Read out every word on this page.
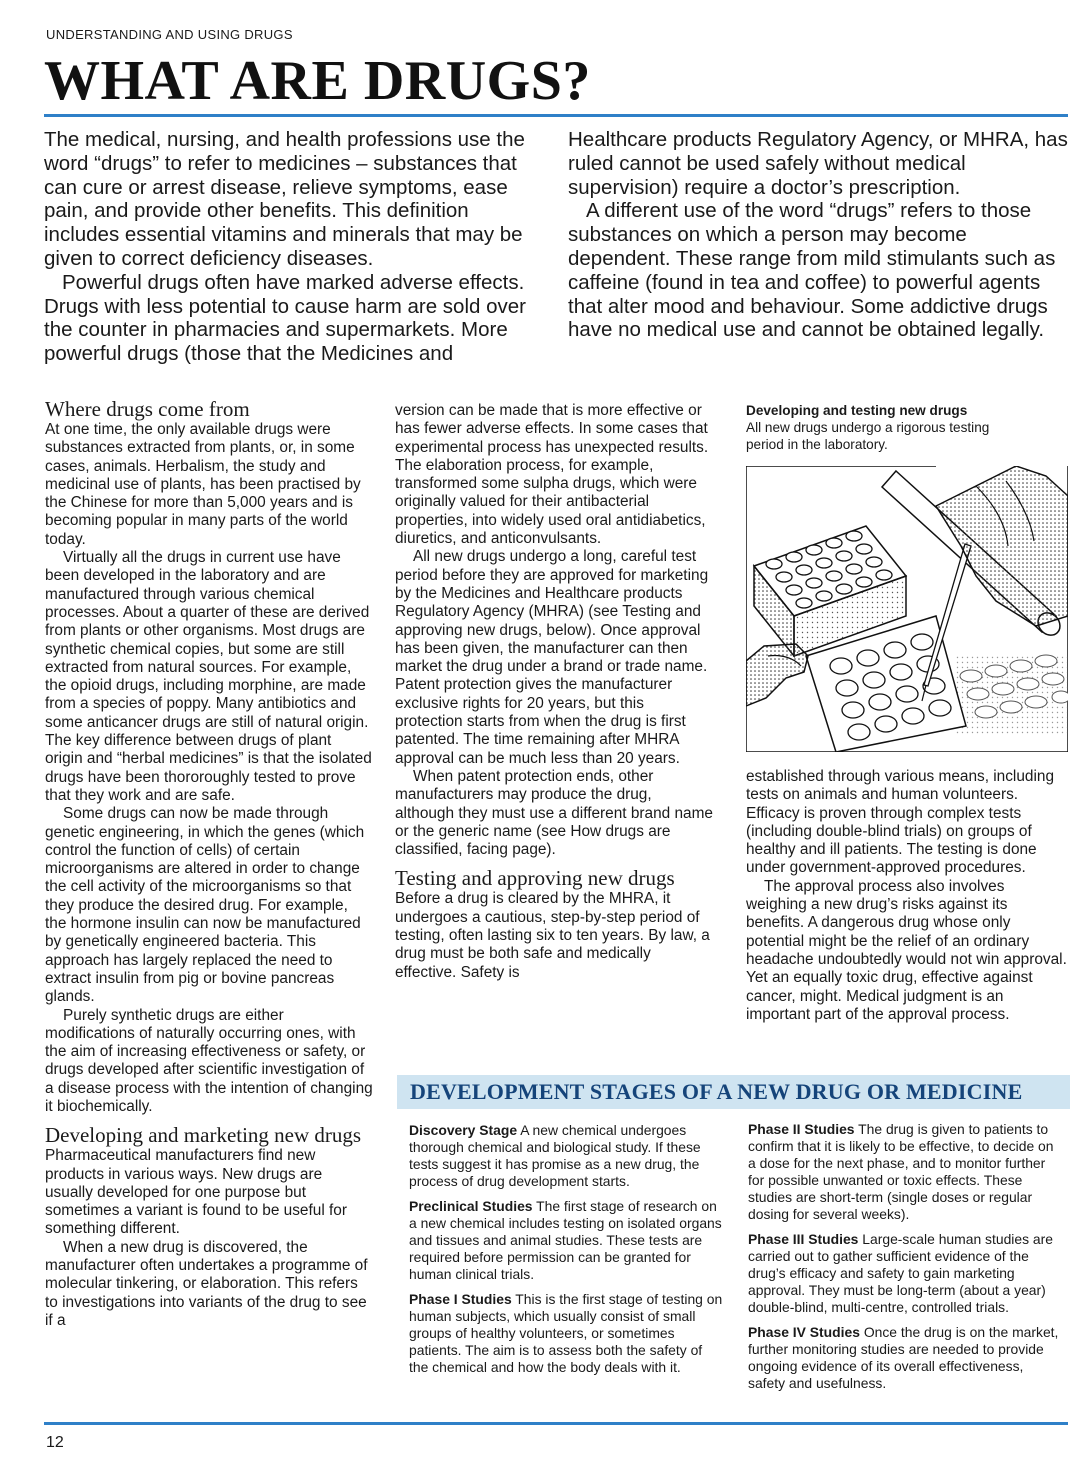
UNDERSTANDING AND USING DRUGS
WHAT ARE DRUGS?

The medical, nursing, and health professions use the word “drugs” to refer to medicines – substances that can cure or arrest disease, relieve symptoms, ease pain, and provide other benefits. This definition includes essential vitamins and minerals that may be given to correct deficiency diseases.

Powerful drugs often have marked adverse effects. Drugs with less potential to cause harm are sold over the counter in pharmacies and supermarkets. More powerful drugs (those that the Medicines and

Healthcare products Regulatory Agency, or MHRA, has ruled cannot be used safely without medical supervision) require a doctor’s prescription.

A different use of the word “drugs” refers to those substances on which a person may become dependent. These range from mild stimulants such as caffeine (found in tea and coffee) to powerful agents that alter mood and behaviour. Some addictive drugs have no medical use and cannot be obtained legally.

Where drugs come from

At one time, the only available drugs were substances extracted from plants, or, in some cases, animals. Herbalism, the study and medicinal use of plants, has been practised by the Chinese for more than 5,000 years and is becoming popular in many parts of the world today.

Virtually all the drugs in current use have been developed in the laboratory and are manufactured through various chemical processes. About a quarter of these are derived from plants or other organisms. Most drugs are synthetic chemical copies, but some are still extracted from natural sources. For example, the opioid drugs, including morphine, are made from a species of poppy. Many antibiotics and some anticancer drugs are still of natural origin. The key difference between drugs of plant origin and “herbal medicines” is that the isolated drugs have been thororoughly tested to prove that they work and are safe.

Some drugs can now be made through genetic engineering, in which the genes (which control the function of cells) of certain microorganisms are altered in order to change the cell activity of the microorganisms so that they produce the desired drug. For example, the hormone insulin can now be manufactured by genetically engineered bacteria. This approach has largely replaced the need to extract insulin from pig or bovine pancreas glands.

Purely synthetic drugs are either modifications of naturally occurring ones, with the aim of increasing effectiveness or safety, or drugs developed after scientific investigation of a disease process with the intention of changing it biochemically.

Developing and marketing new drugs

Pharmaceutical manufacturers find new products in various ways. New drugs are usually developed for one purpose but sometimes a variant is found to be useful for something different.

When a new drug is discovered, the manufacturer often undertakes a programme of molecular tinkering, or elaboration. This refers to investigations into variants of the drug to see if a

version can be made that is more effective or has fewer adverse effects. In some cases that experimental process has unexpected results. The elaboration process, for example, transformed some sulpha drugs, which were originally valued for their antibacterial properties, into widely used oral antidiabetics, diuretics, and anticonvulsants.

All new drugs undergo a long, careful test period before they are approved for marketing by the Medicines and Healthcare products Regulatory Agency (MHRA) (see Testing and approving new drugs, below). Once approval has been given, the manufacturer can then market the drug under a brand or trade name. Patent protection gives the manufacturer exclusive rights for 20 years, but this protection starts from when the drug is first patented. The time remaining after MHRA approval can be much less than 20 years.

When patent protection ends, other manufacturers may produce the drug, although they must use a different brand name or the generic name (see How drugs are classified, facing page).

Testing and approving new drugs

Before a drug is cleared by the MHRA, it undergoes a cautious, step-by-step period of testing, often lasting six to ten years. By law, a drug must be both safe and medically effective. Safety is

Developing and testing new drugs
All new drugs undergo a rigorous testing period in the laboratory.

established through various means, including tests on animals and human volunteers. Efficacy is proven through complex tests (including double-blind trials) on groups of healthy and ill patients. The testing is done under government-approved procedures.

The approval process also involves weighing a new drug’s risks against its benefits. A dangerous drug whose only potential might be the relief of an ordinary headache undoubtedly would not win approval. Yet an equally toxic drug, effective against cancer, might. Medical judgment is an important part of the approval process.

DEVELOPMENT STAGES OF A NEW DRUG OR MEDICINE
Discovery Stage A new chemical undergoes thorough chemical and biological study. If these tests suggest it has promise as a new drug, the process of drug development starts.
Preclinical Studies The first stage of research on a new chemical includes testing on isolated organs and tissues and animal studies. These tests are required before permission can be granted for human clinical trials.
Phase I Studies This is the first stage of testing on human subjects, which usually consist of small groups of healthy volunteers, or sometimes patients. The aim is to assess both the safety of the chemical and how the body deals with it.
Phase II Studies The drug is given to patients to confirm that it is likely to be effective, to decide on a dose for the next phase, and to monitor further for possible unwanted or toxic effects. These studies are short-term (single doses or regular dosing for several weeks).
Phase III Studies Large-scale human studies are carried out to gather sufficient evidence of the drug’s efficacy and safety to gain marketing approval. They must be long-term (about a year) double-blind, multi-centre, controlled trials.
Phase IV Studies Once the drug is on the market, further monitoring studies are needed to provide ongoing evidence of its overall effectiveness, safety and usefulness.
12
